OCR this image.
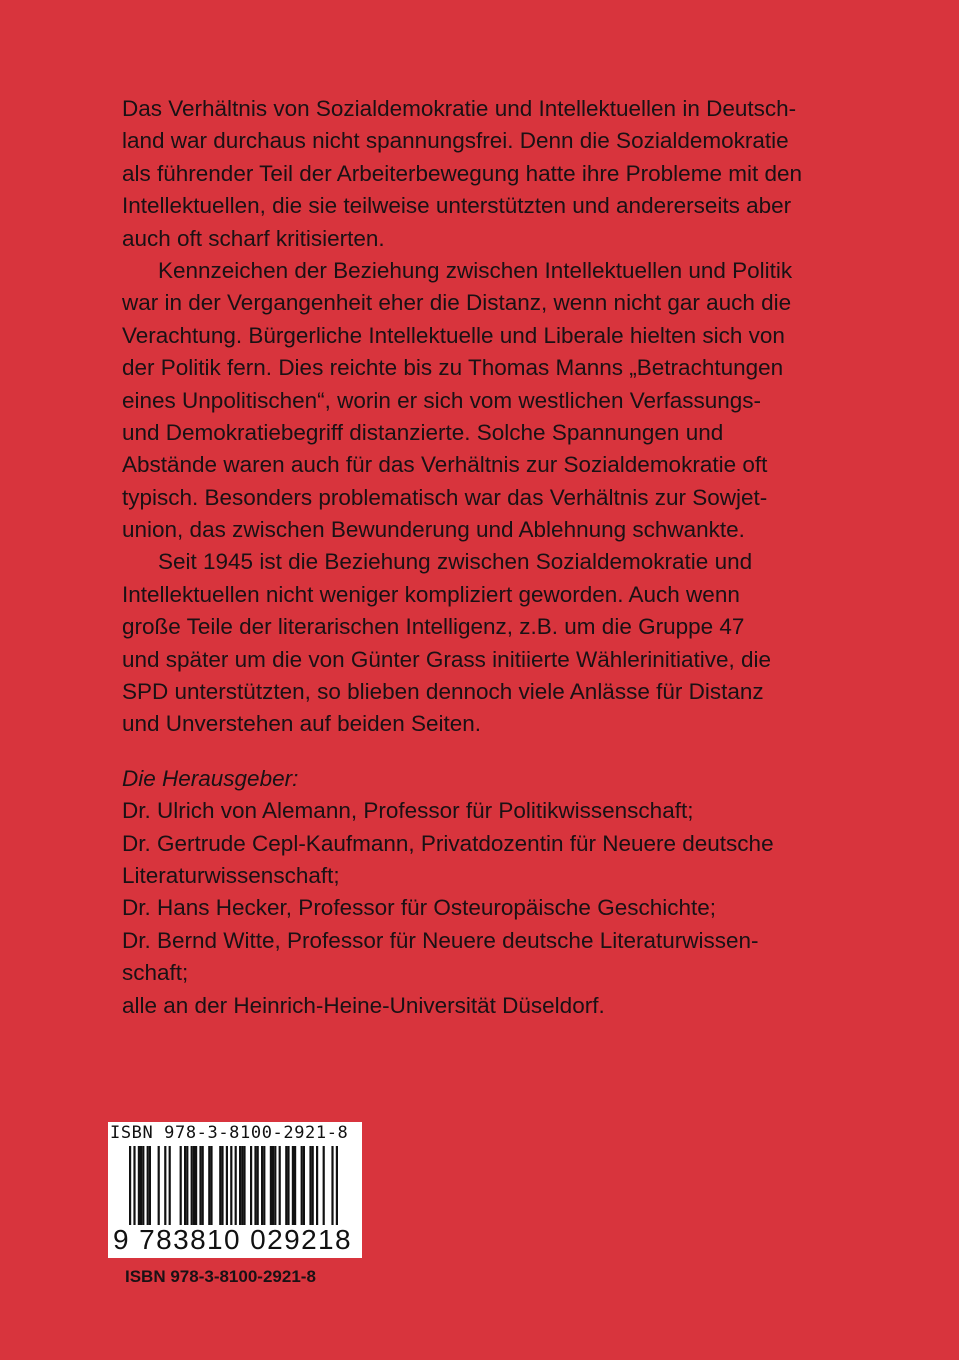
Das Verhältnis von Sozialdemokratie und Intellektuellen in Deutsch-
land war durchaus nicht spannungsfrei. Denn die Sozialdemokratie
als führender Teil der Arbeiterbewegung hatte ihre Probleme mit den
Intellektuellen, die sie teilweise unterstützten und andererseits aber
auch oft scharf kritisierten.
Kennzeichen der Beziehung zwischen Intellektuellen und Politik
war in der Vergangenheit eher die Distanz, wenn nicht gar auch die
Verachtung. Bürgerliche Intellektuelle und Liberale hielten sich von
der Politik fern. Dies reichte bis zu Thomas Manns „Betrachtungen
eines Unpolitischen“, worin er sich vom westlichen Verfassungs-
und Demokratiebegriff distanzierte. Solche Spannungen und
Abstände waren auch für das Verhältnis zur Sozialdemokratie oft
typisch. Besonders problematisch war das Verhältnis zur Sowjet-
union, das zwischen Bewunderung und Ablehnung schwankte.
Seit 1945 ist die Beziehung zwischen Sozialdemokratie und
Intellektuellen nicht weniger kompliziert geworden. Auch wenn
große Teile der literarischen Intelligenz, z.B. um die Gruppe 47
und später um die von Günter Grass initiierte Wählerinitiative, die
SPD unterstützten, so blieben dennoch viele Anlässe für Distanz
und Unverstehen auf beiden Seiten.
Die Herausgeber:
Dr. Ulrich von Alemann, Professor für Politikwissenschaft;
Dr. Gertrude Cepl-Kaufmann, Privatdozentin für Neuere deutsche
Literaturwissenschaft;
Dr. Hans Hecker, Professor für Osteuropäische Geschichte;
Dr. Bernd Witte, Professor für Neuere deutsche Literaturwissen-
schaft;
alle an der Heinrich-Heine-Universität Düseldorf.
ISBN 978-3-8100-2921-8
9 783810 029218
ISBN 978-3-8100-2921-8
